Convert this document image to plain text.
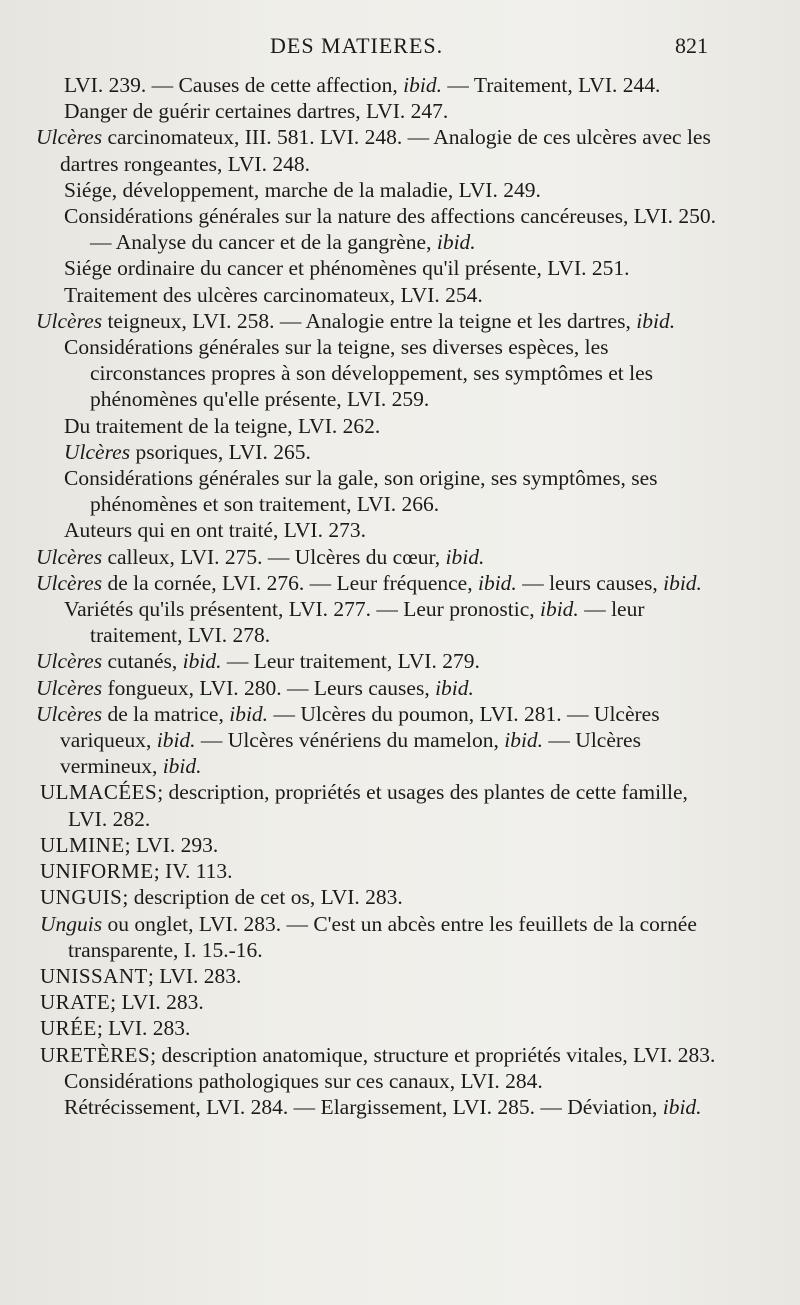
DES MATIERES.	821

LVI. 239. — Causes de cette affection, ibid. — Traitement, LVI. 244.

Danger de guérir certaines dartres, LVI. 247.

Ulcères carcinomateux, III. 581. LVI. 248. — Analogie de ces ulcères avec les dartres rongeantes, LVI. 248.

Siége, développement, marche de la maladie, LVI. 249.

Considérations générales sur la nature des affections cancéreuses, LVI. 250. — Analyse du cancer et de la gangrène, ibid.

Siége ordinaire du cancer et phénomènes qu'il présente, LVI. 251.

Traitement des ulcères carcinomateux, LVI. 254.

Ulcères teigneux, LVI. 258. — Analogie entre la teigne et les dartres, ibid.

Considérations générales sur la teigne, ses diverses espèces, les circonstances propres à son développement, ses symptômes et les phénomènes qu'elle présente, LVI. 259.

Du traitement de la teigne, LVI. 262.

Ulcères psoriques, LVI. 265.

Considérations générales sur la gale, son origine, ses symptômes, ses phénomènes et son traitement, LVI. 266.

Auteurs qui en ont traité, LVI. 273.

Ulcères calleux, LVI. 275. — Ulcères du cœur, ibid.

Ulcères de la cornée, LVI. 276. — Leur fréquence, ibid. — leurs causes, ibid.

Variétés qu'ils présentent, LVI. 277. — Leur pronostic, ibid. — leur traitement, LVI. 278.

Ulcères cutanés, ibid. — Leur traitement, LVI. 279.

Ulcères fongueux, LVI. 280. — Leurs causes, ibid.

Ulcères de la matrice, ibid. — Ulcères du poumon, LVI. 281. — Ulcères variqueux, ibid. — Ulcères vénériens du mamelon, ibid. — Ulcères vermineux, ibid.

ULMACÉES; description, propriétés et usages des plantes de cette famille, LVI. 282.

ULMINE; LVI. 293.

UNIFORME; IV. 113.

UNGUIS; description de cet os, LVI. 283.

Unguis ou onglet, LVI. 283. — C'est un abcès entre les feuillets de la cornée transparente, I. 15.-16.

UNISSANT; LVI. 283.

URATE; LVI. 283.

URÉE; LVI. 283.

URETÈRES; description anatomique, structure et propriétés vitales, LVI. 283.

Considérations pathologiques sur ces canaux, LVI. 284.

Rétrécissement, LVI. 284. — Elargissement, LVI. 285. — Déviation, ibid.
